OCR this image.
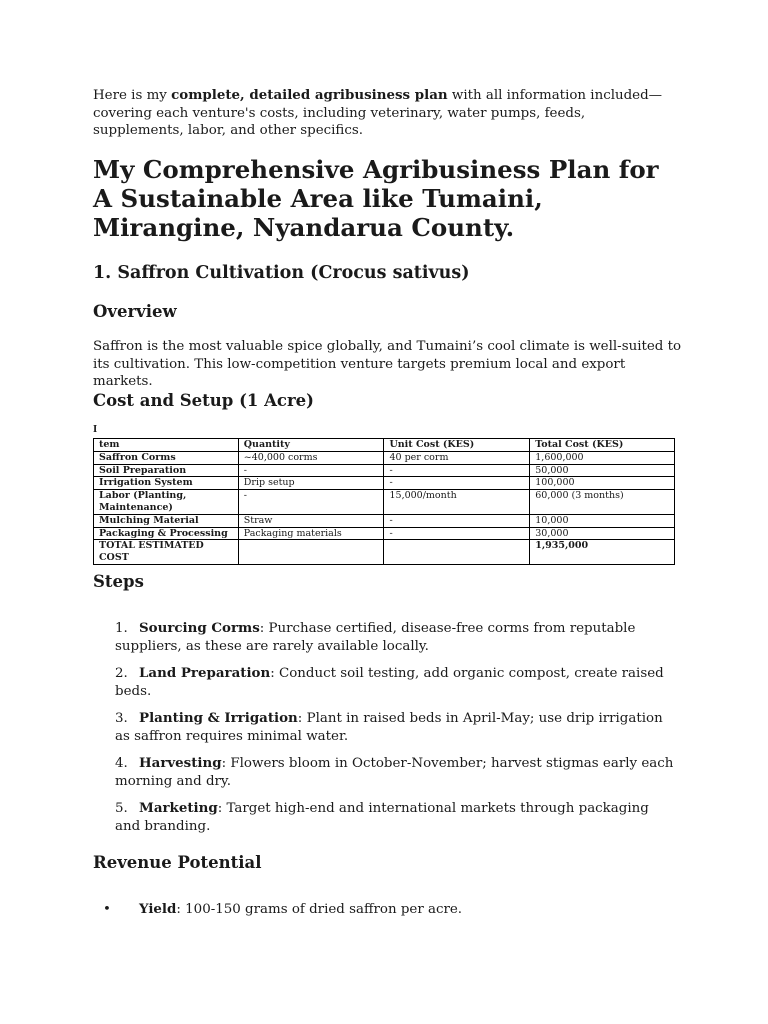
Here is my complete, detailed agribusiness plan with all information included—covering each venture's costs, including veterinary, water pumps, feeds, supplements, labor, and other specifics.

My Comprehensive Agribusiness Plan for A Sustainable Area like Tumaini, Mirangine, Nyandarua County.
1. Saffron Cultivation (Crocus sativus)
Overview

Saffron is the most valuable spice globally, and Tumaini’s cool climate is well-suited to its cultivation. This low-competition venture targets premium local and export markets.

Cost and Setup (1 Acre)
I
tem	Quantity	Unit Cost (KES)	Total Cost (KES)
Saffron Corms	~40,000 corms	40 per corm	1,600,000
Soil Preparation	-	-	50,000
Irrigation System	Drip setup	-	100,000
Labor (Planting, Maintenance)	-	15,000/month	60,000 (3 months)
Mulching Material	Straw	-	10,000
Packaging & Processing	Packaging materials	-	30,000
TOTAL ESTIMATED COST			1,935,000
Steps
1. Sourcing Corms: Purchase certified, disease-free corms from reputable suppliers, as these are rarely available locally.
2. Land Preparation: Conduct soil testing, add organic compost, create raised beds.
3. Planting & Irrigation: Plant in raised beds in April-May; use drip irrigation as saffron requires minimal water.
4. Harvesting: Flowers bloom in October-November; harvest stigmas early each morning and dry.
5. Marketing: Target high-end and international markets through packaging and branding.
Revenue Potential
• Yield: 100-150 grams of dried saffron per acre.
